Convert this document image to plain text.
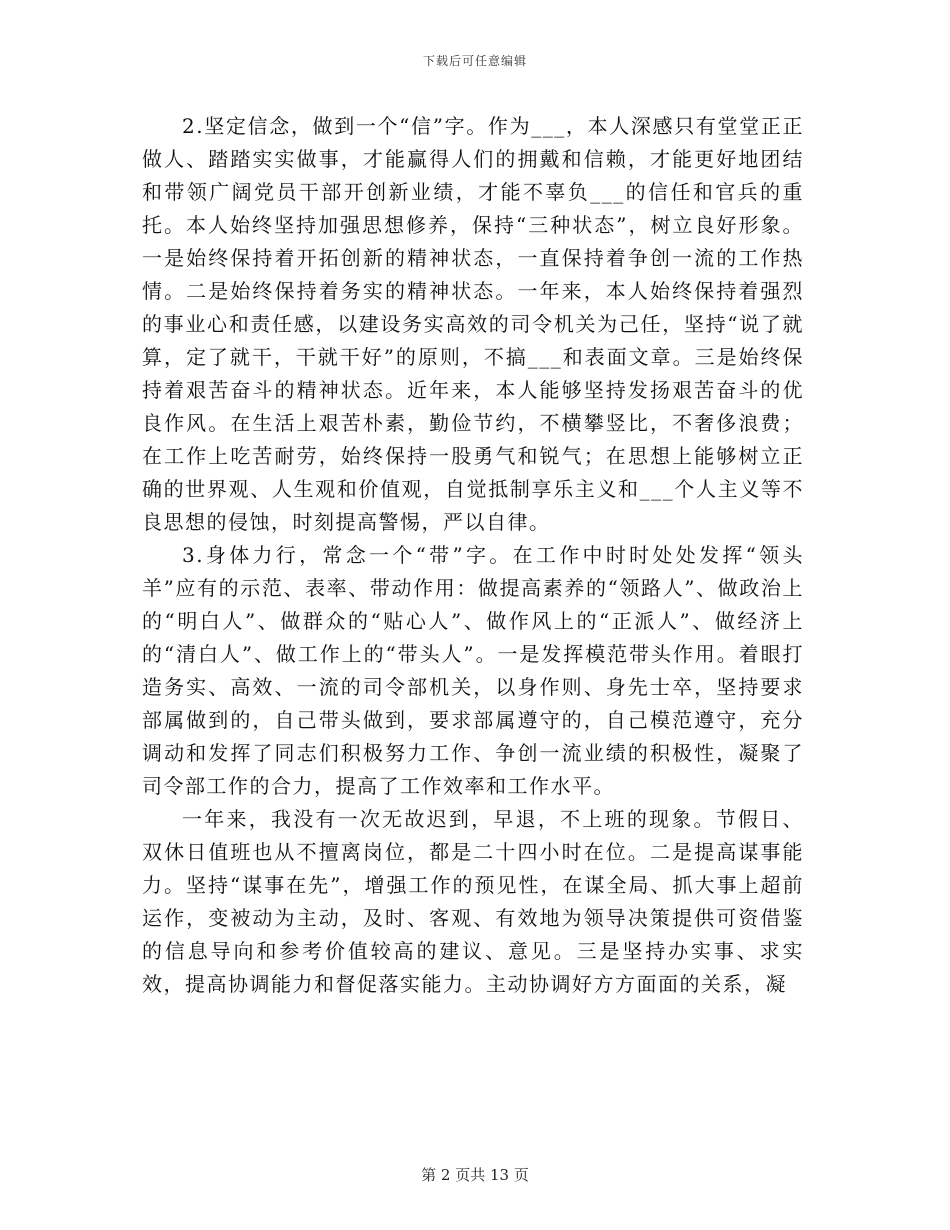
下载后可任意编辑

2.坚定信念，做到一个“信”字。作为___，本人深感只有堂堂正正做人、踏踏实实做事，才能赢得人们的拥戴和信赖，才能更好地团结和带领广阔党员干部开创新业绩，才能不辜负___的信任和官兵的重托。本人始终坚持加强思想修养，保持“三种状态”，树立良好形象。一是始终保持着开拓创新的精神状态，一直保持着争创一流的工作热情。二是始终保持着务实的精神状态。一年来，本人始终保持着强烈的事业心和责任感，以建设务实高效的司令机关为己任，坚持“说了就算，定了就干，干就干好”的原则，不搞___和表面文章。三是始终保持着艰苦奋斗的精神状态。近年来，本人能够坚持发扬艰苦奋斗的优良作风。在生活上艰苦朴素，勤俭节约，不横攀竖比，不奢侈浪费；在工作上吃苦耐劳，始终保持一股勇气和锐气；在思想上能够树立正确的世界观、人生观和价值观，自觉抵制享乐主义和___个人主义等不良思想的侵蚀，时刻提高警惕，严以自律。

3.身体力行，常念一个“带”字。在工作中时时处处发挥“领头羊”应有的示范、表率、带动作用：做提高素养的“领路人”、做政治上的“明白人”、做群众的“贴心人”、做作风上的“正派人”、做经济上的“清白人”、做工作上的“带头人”。一是发挥模范带头作用。着眼打造务实、高效、一流的司令部机关，以身作则、身先士卒，坚持要求部属做到的，自己带头做到，要求部属遵守的，自己模范遵守，充分调动和发挥了同志们积极努力工作、争创一流业绩的积极性，凝聚了司令部工作的合力，提高了工作效率和工作水平。

一年来，我没有一次无故迟到，早退，不上班的现象。节假日、双休日值班也从不擅离岗位，都是二十四小时在位。二是提高谋事能力。坚持“谋事在先”，增强工作的预见性，在谋全局、抓大事上超前运作，变被动为主动，及时、客观、有效地为领导决策提供可资借鉴的信息导向和参考价值较高的建议、意见。三是坚持办实事、求实效，提高协调能力和督促落实能力。主动协调好方方面面的关系，凝

第 2 页共 13 页
